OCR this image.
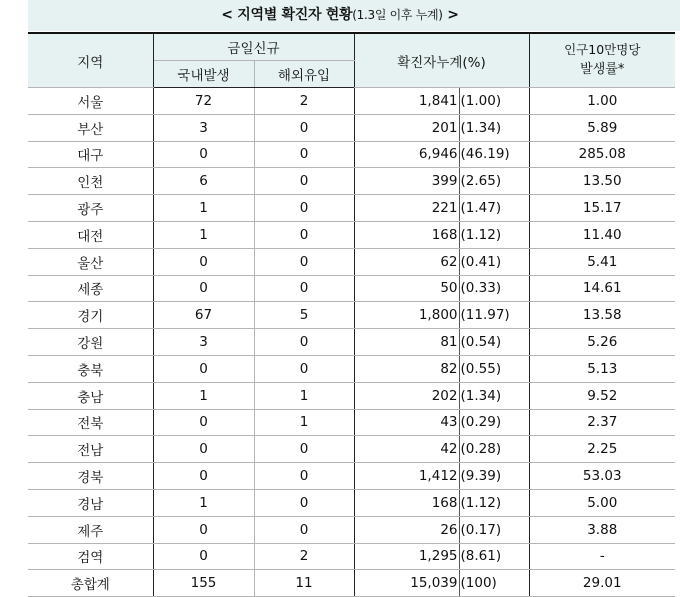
< 지역별 확진자 현황(1.3일 이후 누계) >
지역	금일신규		확진자누계(%)		인구10만명당
발생률*

	국내발생	해외유입			
서울	72	2	1,841	(1.00)	1.00
부산	3	0	201	(1.34)	5.89
대구	0	0	6,946	(46.19)	285.08
인천	6	0	399	(2.65)	13.50
광주	1	0	221	(1.47)	15.17
대전	1	0	168	(1.12)	11.40
울산	0	0	62	(0.41)	5.41
세종	0	0	50	(0.33)	14.61
경기	67	5	1,800	(11.97)	13.58
강원	3	0	81	(0.54)	5.26
충북	0	0	82	(0.55)	5.13
충남	1	1	202	(1.34)	9.52
전북	0	1	43	(0.29)	2.37
전남	0	0	42	(0.28)	2.25
경북	0	0	1,412	(9.39)	53.03
경남	1	0	168	(1.12)	5.00
제주	0	0	26	(0.17)	3.88
검역	0	2	1,295	(8.61)	-
총합계	155	11	15,039	(100)	29.01
